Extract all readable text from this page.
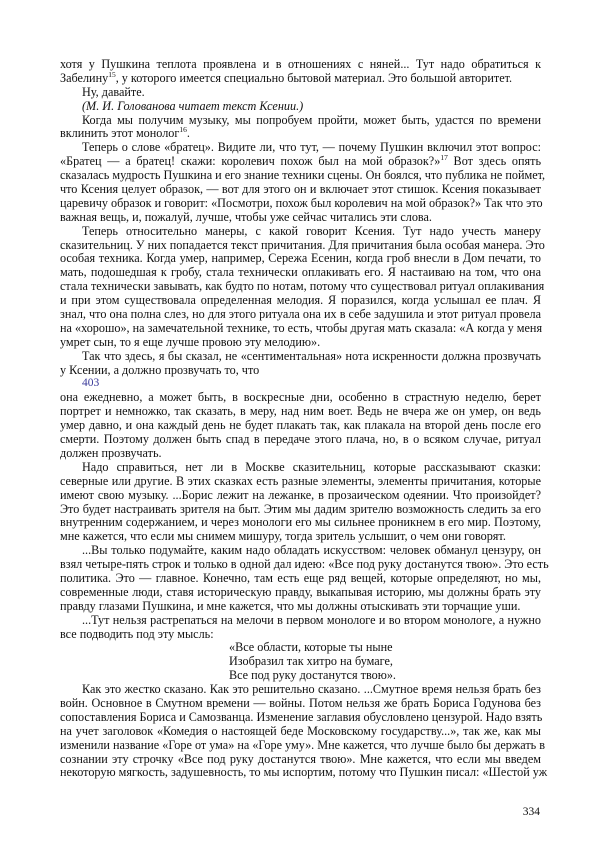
хотя у Пушкина теплота проявлена и в отношениях с няней... Тут надо обратиться к
Забелину$^{15}$, у которого имеется специально бытовой материал. Это большой авторитет.
Ну, давайте.
(М. И. Голованова читает текст Ксении.)
Когда мы получим музыку, мы попробуем пройти, может быть, удастся по времени
вклинить этот монолог$^{16}$.
Теперь о слове «братец». Видите ли, что тут, — почему Пушкин включил этот вопрос:
«Братец — а братец! скажи: королевич похож был на мой образок?»$^{17}$ Вот здесь опять
сказалась мудрость Пушкина и его знание техники сцены. Он боялся, что публика не поймет,
что Ксения целует образок, — вот для этого он и включает этот стишок. Ксения показывает
царевичу образок и говорит: «Посмотри, похож был королевич на мой образок?» Так что это
важная вещь, и, пожалуй, лучше, чтобы уже сейчас читались эти слова.
Теперь относительно манеры, с какой говорит Ксения. Тут надо учесть манеру
сказительниц. У них попадается текст причитания. Для причитания была особая манера. Это
особая техника. Когда умер, например, Сережа Есенин, когда гроб внесли в Дом печати, то
мать, подошедшая к гробу, стала технически оплакивать его. Я настаиваю на том, что она
стала технически завывать, как будто по нотам, потому что существовал ритуал оплакивания
и при этом существовала определенная мелодия. Я поразился, когда услышал ее плач. Я
знал, что она полна слез, но для этого ритуала она их в себе задушила и этот ритуал провела
на «хорошо», на замечательной технике, то есть, чтобы другая мать сказала: «А когда у меня
умрет сын, то я еще лучше провою эту мелодию».
Так что здесь, я бы сказал, не «сентиментальная» нота искренности должна прозвучать
у Ксении, а должно прозвучать то, что
403
она ежедневно, а может быть, в воскресные дни, особенно в страстную неделю, берет
портрет и немножко, так сказать, в меру, над ним воет. Ведь не вчера же он умер, он ведь
умер давно, и она каждый день не будет плакать так, как плакала на второй день после его
смерти. Поэтому должен быть спад в передаче этого плача, но, в о всяком случае, ритуал
должен прозвучать.
Надо справиться, нет ли в Москве сказительниц, которые рассказывают сказки:
северные или другие. В этих сказках есть разные элементы, элементы причитания, которые
имеют свою музыку. ...Борис лежит на лежанке, в прозаическом одеянии. Что произойдет?
Это будет настраивать зрителя на быт. Этим мы дадим зрителю возможность следить за его
внутренним содержанием, и через монологи его мы сильнее проникнем в его мир. Поэтому,
мне кажется, что если мы снимем мишуру, тогда зритель услышит, о чем они говорят.
...Вы только подумайте, каким надо обладать искусством: человек обманул цензуру, он
взял четыре-пять строк и только в одной дал идею: «Все под руку достанутся твою». Это есть
политика. Это — главное. Конечно, там есть еще ряд вещей, которые определяют, но мы,
современные люди, ставя историческую правду, выкапывая историю, мы должны брать эту
правду глазами Пушкина, и мне кажется, что мы должны отыскивать эти торчащие уши.
...Тут нельзя растрепаться на мелочи в первом монологе и во втором монологе, а нужно
все подводить под эту мысль:
«Все области, которые ты ныне
Изобразил так хитро на бумаге,
Все под руку достанутся твою».
Как это жестко сказано. Как это решительно сказано. ...Смутное время нельзя брать без
войн. Основное в Смутном времени — войны. Потом нельзя же брать Бориса Годунова без
сопоставления Бориса и Самозванца. Изменение заглавия обусловлено цензурой. Надо взять
на учет заголовок «Комедия о настоящей беде Московскому государству...», так же, как мы
изменили название «Горе от ума» на «Горе уму». Мне кажется, что лучше было бы держать в
сознании эту строчку «Все под руку достанутся твою». Мне кажется, что если мы введем
некоторую мягкость, задушевность, то мы испортим, потому что Пушкин писал: «Шестой уж
334
